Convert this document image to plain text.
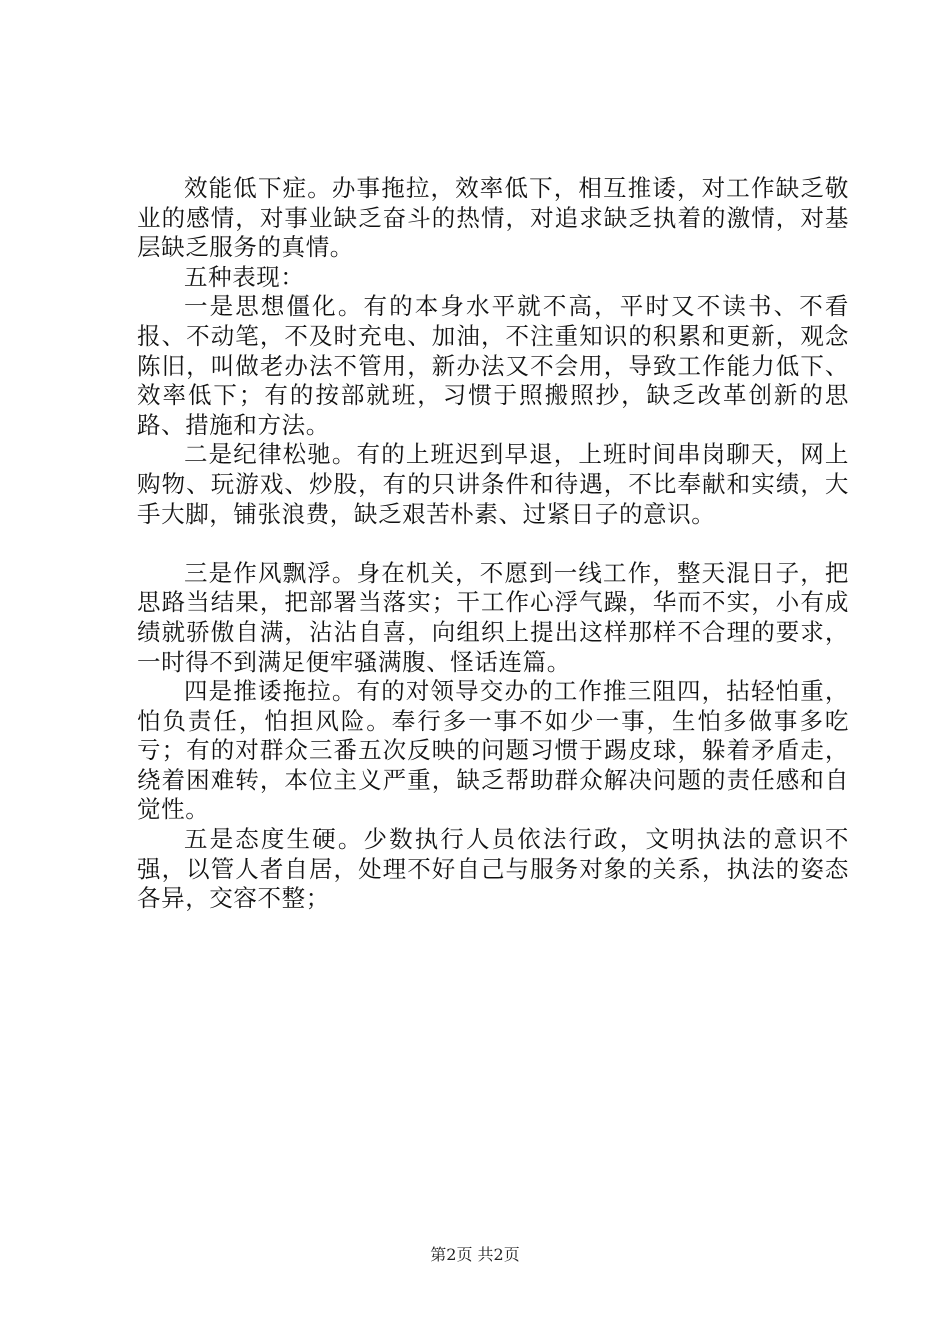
效能低下症。办事拖拉，效率低下，相互推诿，对工作缺乏敬业的感情，对事业缺乏奋斗的热情，对追求缺乏执着的激情，对基层缺乏服务的真情。

五种表现：

一是思想僵化。有的本身水平就不高，平时又不读书、不看报、不动笔，不及时充电、加油，不注重知识的积累和更新，观念陈旧，叫做老办法不管用，新办法又不会用，导致工作能力低下、效率低下；有的按部就班，习惯于照搬照抄，缺乏改革创新的思路、措施和方法。

二是纪律松驰。有的上班迟到早退，上班时间串岗聊天，网上购物、玩游戏、炒股，有的只讲条件和待遇，不比奉献和实绩，大手大脚，铺张浪费，缺乏艰苦朴素、过紧日子的意识。

三是作风飘浮。身在机关，不愿到一线工作，整天混日子，把思路当结果，把部署当落实；干工作心浮气躁，华而不实，小有成绩就骄傲自满，沾沾自喜，向组织上提出这样那样不合理的要求，一时得不到满足便牢骚满腹、怪话连篇。

四是推诿拖拉。有的对领导交办的工作推三阻四，拈轻怕重，怕负责任，怕担风险。奉行多一事不如少一事，生怕多做事多吃亏；有的对群众三番五次反映的问题习惯于踢皮球，躲着矛盾走，绕着困难转，本位主义严重，缺乏帮助群众解决问题的责任感和自觉性。

五是态度生硬。少数执行人员依法行政，文明执法的意识不强，以管人者自居，处理不好自己与服务对象的关系，执法的姿态各异，交容不整；

第2页 共2页
